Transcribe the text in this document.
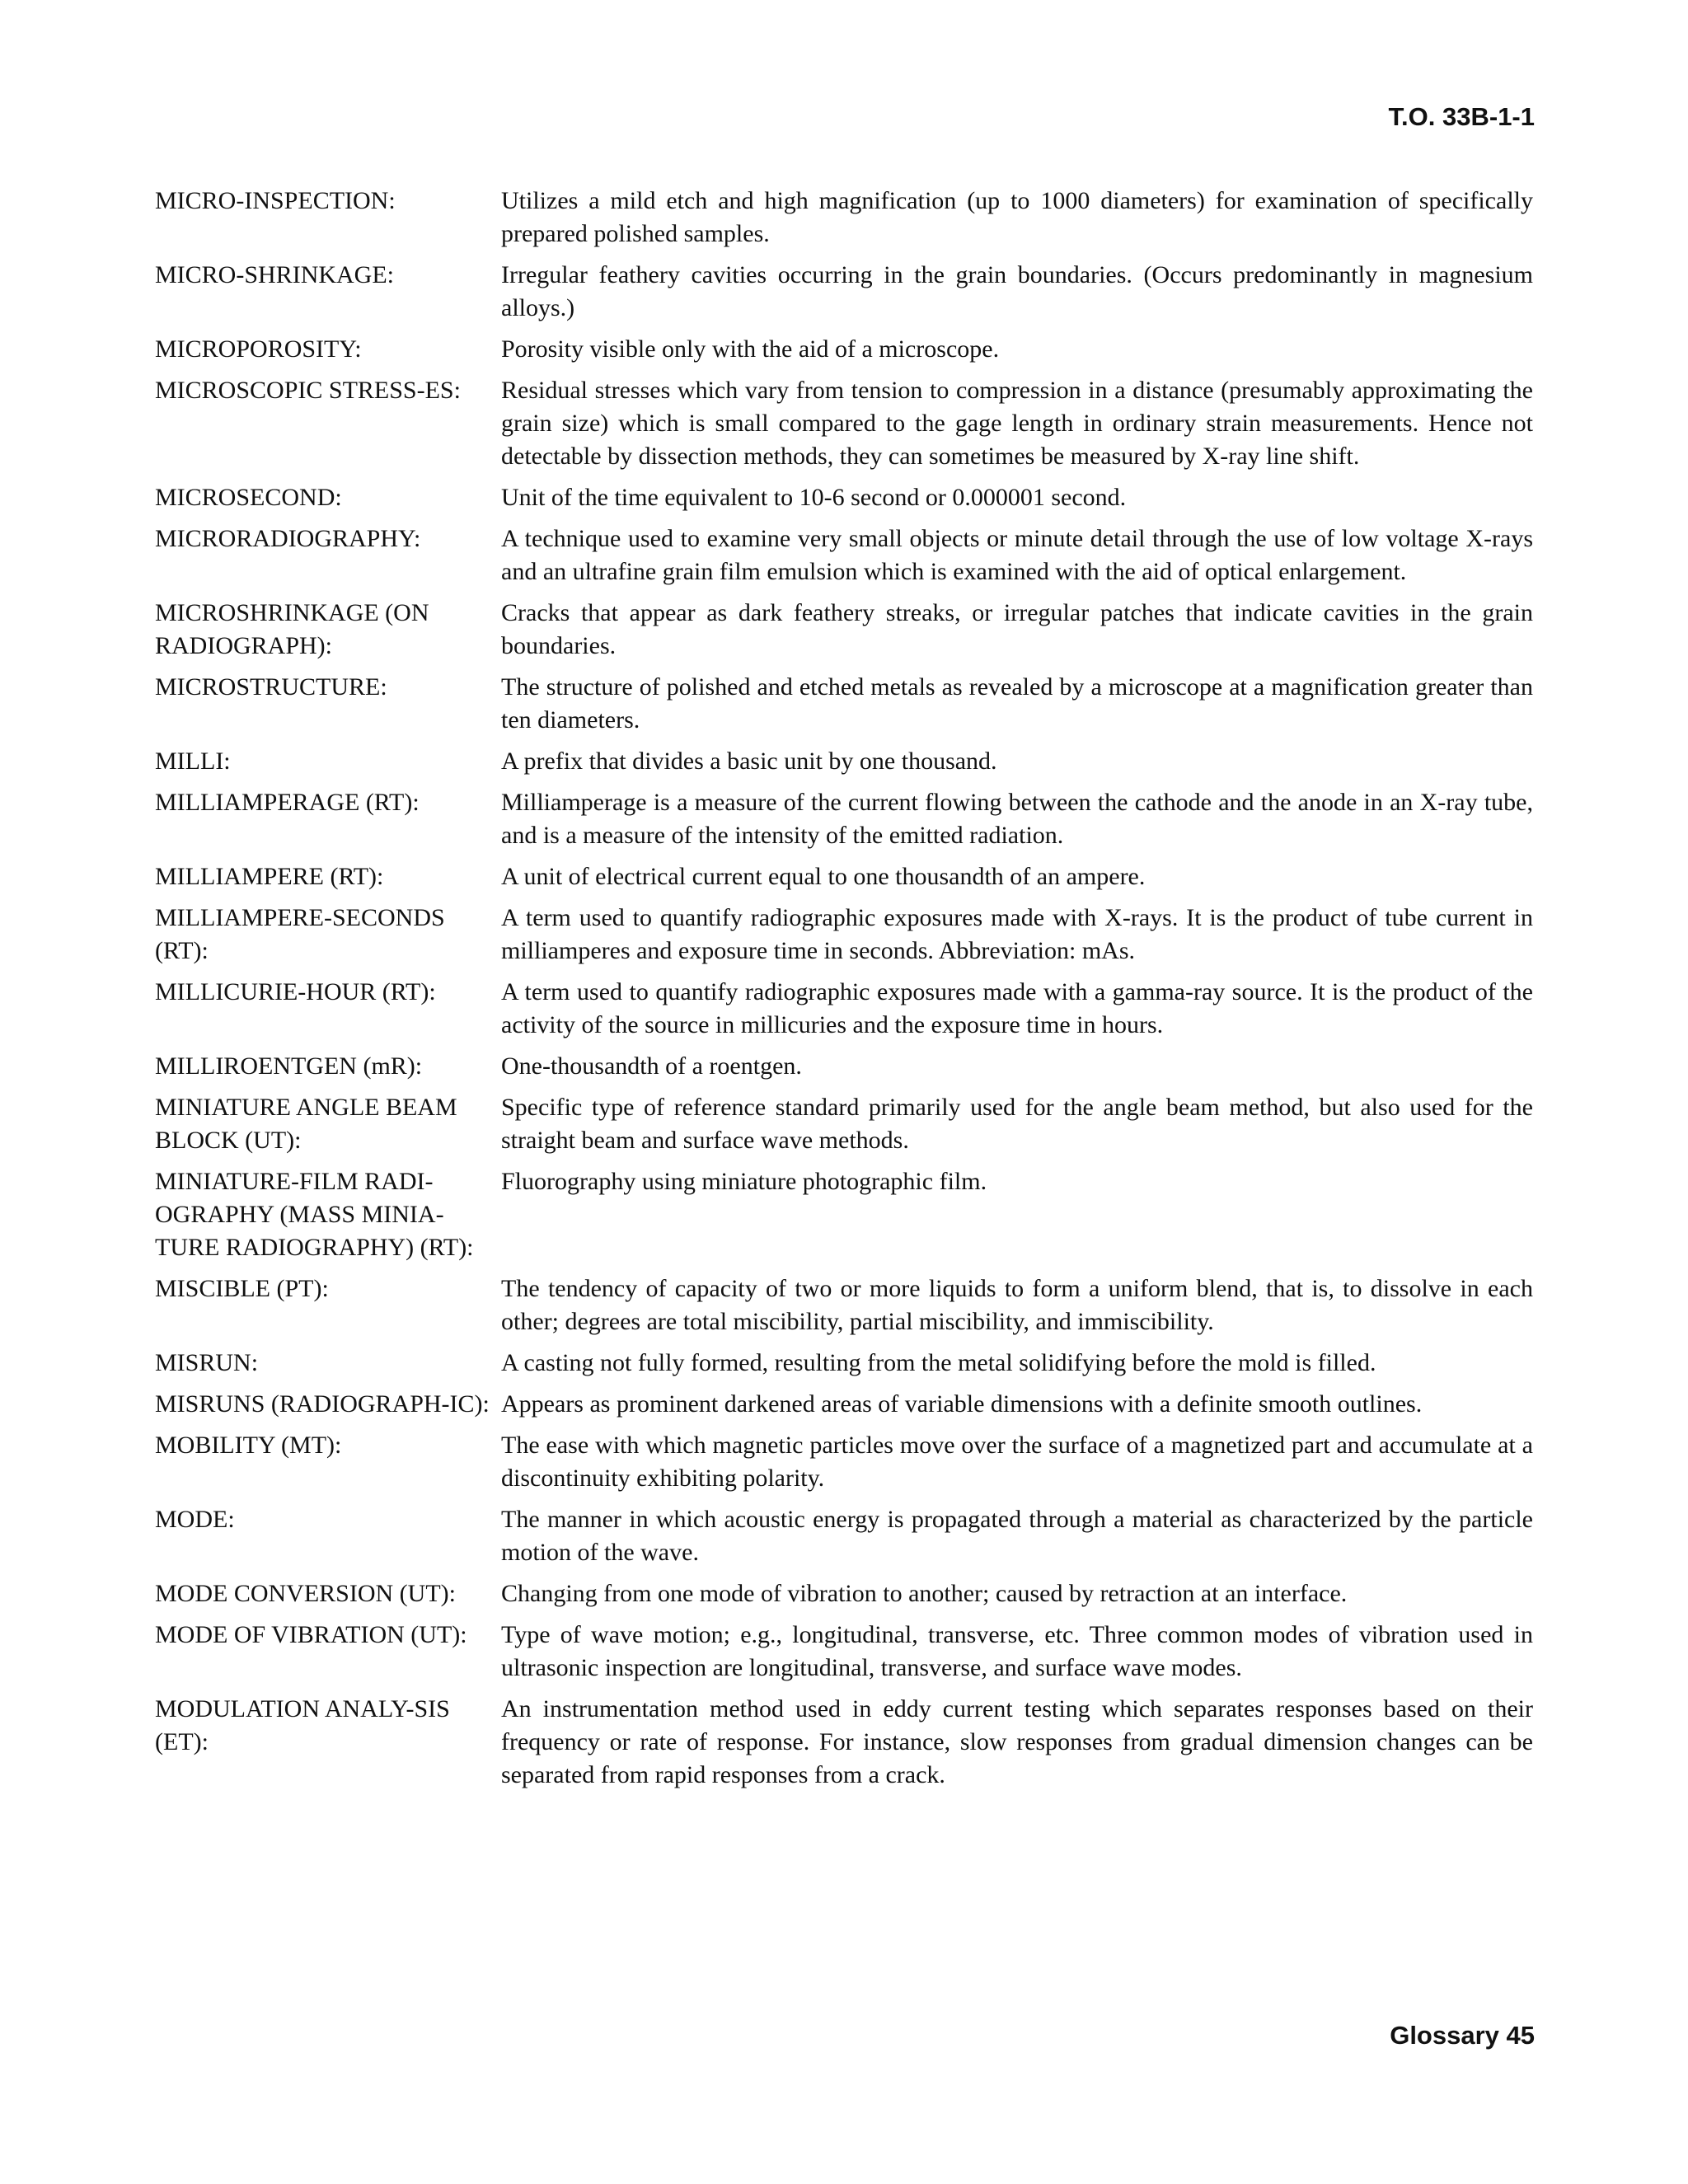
T.O. 33B-1-1
MICRO-INSPECTION:	Utilizes a mild etch and high magnification (up to 1000 diameters) for examination of specifically prepared polished samples.
MICRO-SHRINKAGE:	Irregular feathery cavities occurring in the grain boundaries. (Occurs predominantly in magnesium alloys.)
MICROPOROSITY:	Porosity visible only with the aid of a microscope.
MICROSCOPIC STRESS-ES:	Residual stresses which vary from tension to compression in a distance (presumably approximating the grain size) which is small compared to the gage length in ordinary strain measurements. Hence not detectable by dissection methods, they can sometimes be measured by X-ray line shift.
MICROSECOND:	Unit of the time equivalent to 10-6 second or 0.000001 second.
MICRORADIOGRAPHY:	A technique used to examine very small objects or minute detail through the use of low voltage X-rays and an ultrafine grain film emulsion which is examined with the aid of optical enlargement.
MICROSHRINKAGE (ON RADIOGRAPH):
Cracks that appear as dark feathery streaks, or irregular patches that indicate cavities in the grain boundaries.
MICROSTRUCTURE:	The structure of polished and etched metals as revealed by a microscope at a magnification greater than ten diameters.
MILLI:	A prefix that divides a basic unit by one thousand.
MILLIAMPERAGE (RT):	Milliamperage is a measure of the current flowing between the cathode and the anode in an X-ray tube, and is a measure of the intensity of the emitted radiation.
MILLIAMPERE (RT):	A unit of electrical current equal to one thousandth of an ampere.
MILLIAMPERE-SECONDS (RT):
A term used to quantify radiographic exposures made with X-rays. It is the product of tube current in milliamperes and exposure time in seconds. Abbreviation: mAs.
MILLICURIE-HOUR (RT):	A term used to quantify radiographic exposures made with a gamma-ray source. It is the product of the activity of the source in millicuries and the exposure time in hours.
MILLIROENTGEN (mR):	One-thousandth of a roentgen.
MINIATURE ANGLE BEAM BLOCK (UT):
Specific type of reference standard primarily used for the angle beam method, but also used for the straight beam and surface wave methods.
MINIATURE-FILM RADI-OGRAPHY (MASS MINIA-TURE RADIOGRAPHY) (RT):
Fluorography using miniature photographic film.
MISCIBLE (PT):	The tendency of capacity of two or more liquids to form a uniform blend, that is, to dissolve in each other; degrees are total miscibility, partial miscibility, and immiscibility.
MISRUN:	A casting not fully formed, resulting from the metal solidifying before the mold is filled.
MISRUNS (RADIOGRAPH-IC): Appears as prominent darkened areas of variable dimensions with a definite smooth outlines.
MOBILITY (MT):	The ease with which magnetic particles move over the surface of a magnetized part and accumulate at a discontinuity exhibiting polarity.
MODE:	The manner in which acoustic energy is propagated through a material as characterized by the particle motion of the wave.
MODE CONVERSION (UT):	Changing from one mode of vibration to another; caused by retraction at an interface.
MODE OF VIBRATION (UT):	Type of wave motion; e.g., longitudinal, transverse, etc. Three common modes of vibration used in ultrasonic inspection are longitudinal, transverse, and surface wave modes.
MODULATION ANALY-SIS (ET):
An instrumentation method used in eddy current testing which separates responses based on their frequency or rate of response. For instance, slow responses from gradual dimension changes can be separated from rapid responses from a crack.
Glossary 45
